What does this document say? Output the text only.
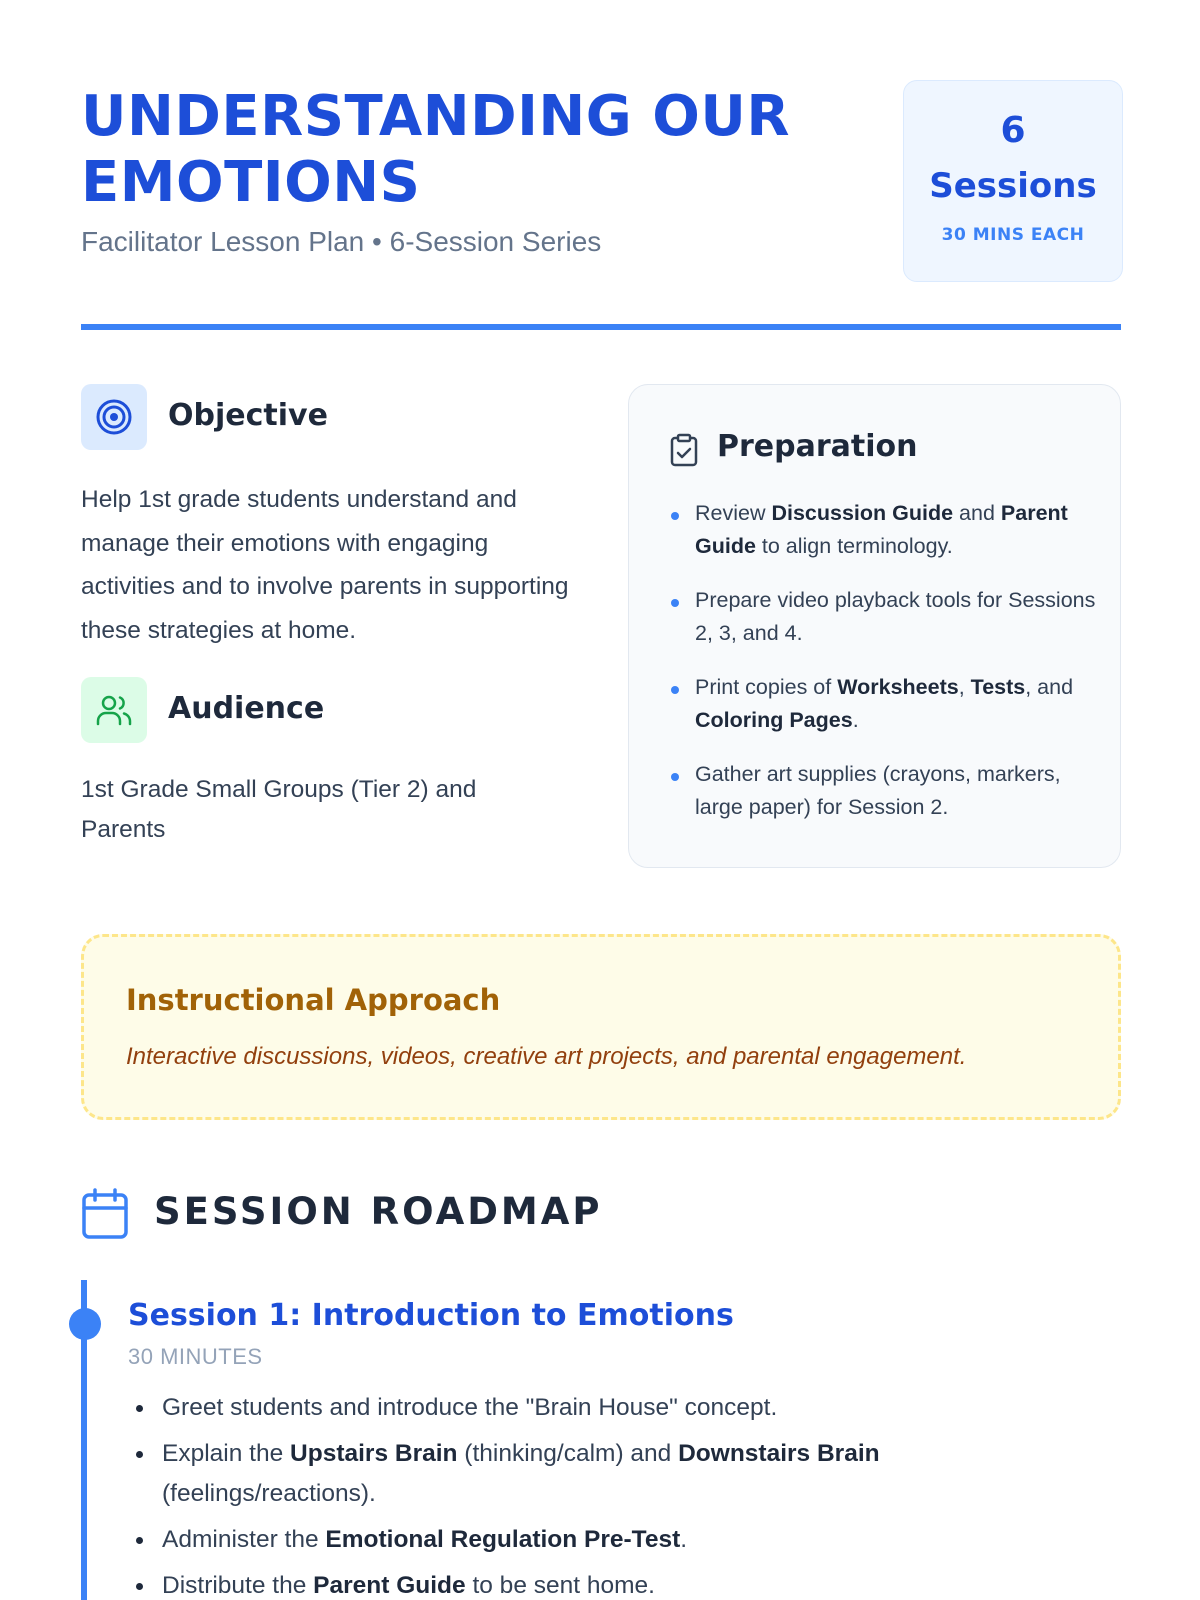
UNDERSTANDING OUR
EMOTIONS
Facilitator Lesson Plan • 6-Session Series
6
Sessions
30 MINS EACH
Objective

Help 1st grade students understand and manage their emotions with engaging activities and to involve parents in supporting these strategies at home.

Audience

1st Grade Small Groups (Tier 2) and Parents

Preparation
Review Discussion Guide and Parent Guide to align terminology.
Prepare video playback tools for Sessions 2, 3, and 4.
Print copies of Worksheets, Tests, and Coloring Pages.
Gather art supplies (crayons, markers, large paper) for Session 2.
Instructional Approach
Interactive discussions, videos, creative art projects, and parental engagement.
SESSION ROADMAP
Session 1: Introduction to Emotions
30 MINUTES
Greet students and introduce the "Brain House" concept.
Explain the Upstairs Brain (thinking/calm) and Downstairs Brain (feelings/reactions).
Administer the Emotional Regulation Pre-Test.
Distribute the Parent Guide to be sent home.
